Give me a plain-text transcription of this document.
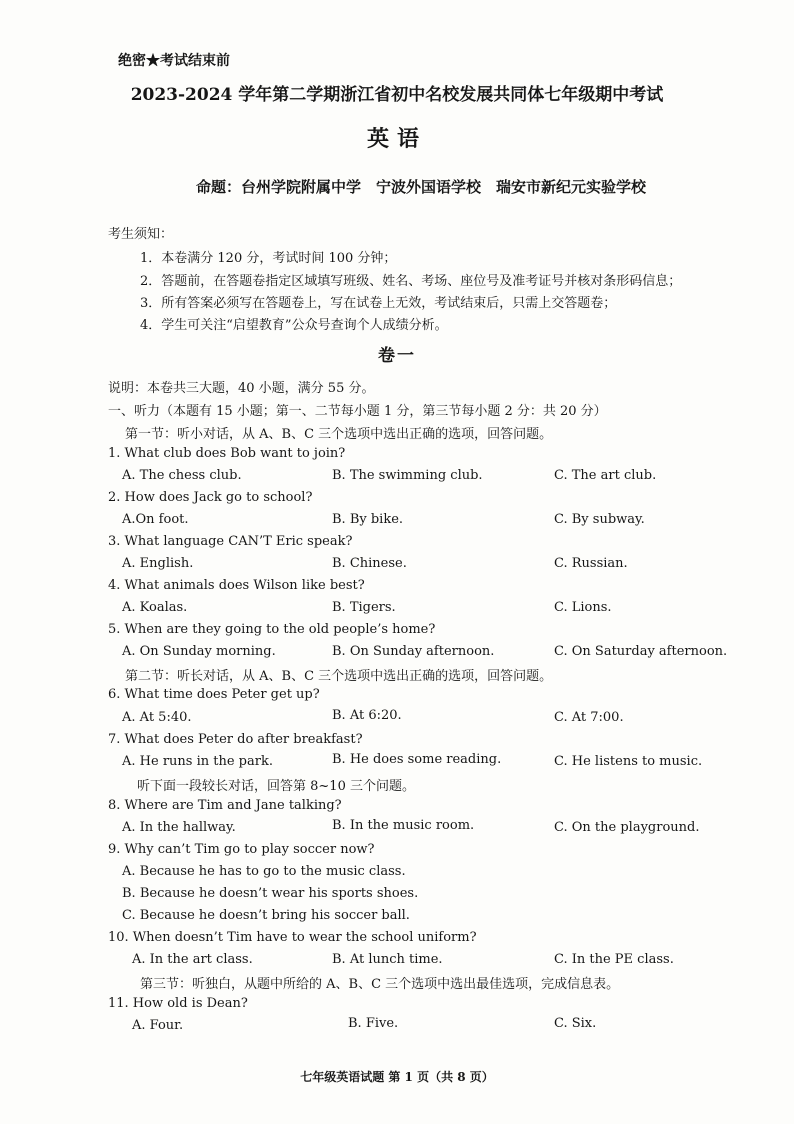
绝密★考试结束前
2023-2024 学年第二学期浙江省初中名校发展共同体七年级期中考试
英语
命题：台州学院附属中学　宁波外国语学校　瑞安市新纪元实验学校
考生须知：
1．本卷满分 120 分，考试时间 100 分钟；
2．答题前，在答题卷指定区域填写班级、姓名、考场、座位号及准考证号并核对条形码信息；
3．所有答案必须写在答题卷上，写在试卷上无效，考试结束后，只需上交答题卷；
4．学生可关注“启望教育”公众号查询个人成绩分析。
卷一
说明：本卷共三大题，40 小题，满分 55 分。
一、听力（本题有 15 小题；第一、二节每小题 1 分，第三节每小题 2 分：共 20 分）
第一节：听小对话，从 A、B、C 三个选项中选出正确的选项，回答问题。
1. What club does Bob want to join?
A. The chess club.	B. The swimming club.	C. The art club.
2. How does Jack go to school?
A.On foot.	B. By bike.	C. By subway.
3. What language CAN’T Eric speak?
A. English.	B. Chinese.	C. Russian.
4. What animals does Wilson like best?
A. Koalas.	B. Tigers.	C. Lions.
5. When are they going to the old people’s home?
A. On Sunday morning.	B. On Sunday afternoon.	C. On Saturday afternoon.
第二节：听长对话，从 A、B、C 三个选项中选出正确的选项，回答问题。
6. What time does Peter get up?
A. At 5:40.	B. At 6:20.	C. At 7:00.
7. What does Peter do after breakfast?
A. He runs in the park.	B. He does some reading.	C. He listens to music.
听下面一段较长对话，回答第 8~10 三个问题。
8. Where are Tim and Jane talking?
A. In the hallway.	B. In the music room.	C. On the playground.
9. Why can’t Tim go to play soccer now?
A. Because he has to go to the music class.
B. Because he doesn’t wear his sports shoes.
C. Because he doesn’t bring his soccer ball.
10. When doesn’t Tim have to wear the school uniform?
A. In the art class.	B. At lunch time.	C. In the PE class.
第三节：听独白，从题中所给的 A、B、C 三个选项中选出最佳选项，完成信息表。
11. How old is Dean?
A. Four.	B. Five.	C. Six.
七年级英语试题 第 1 页（共 8 页）
